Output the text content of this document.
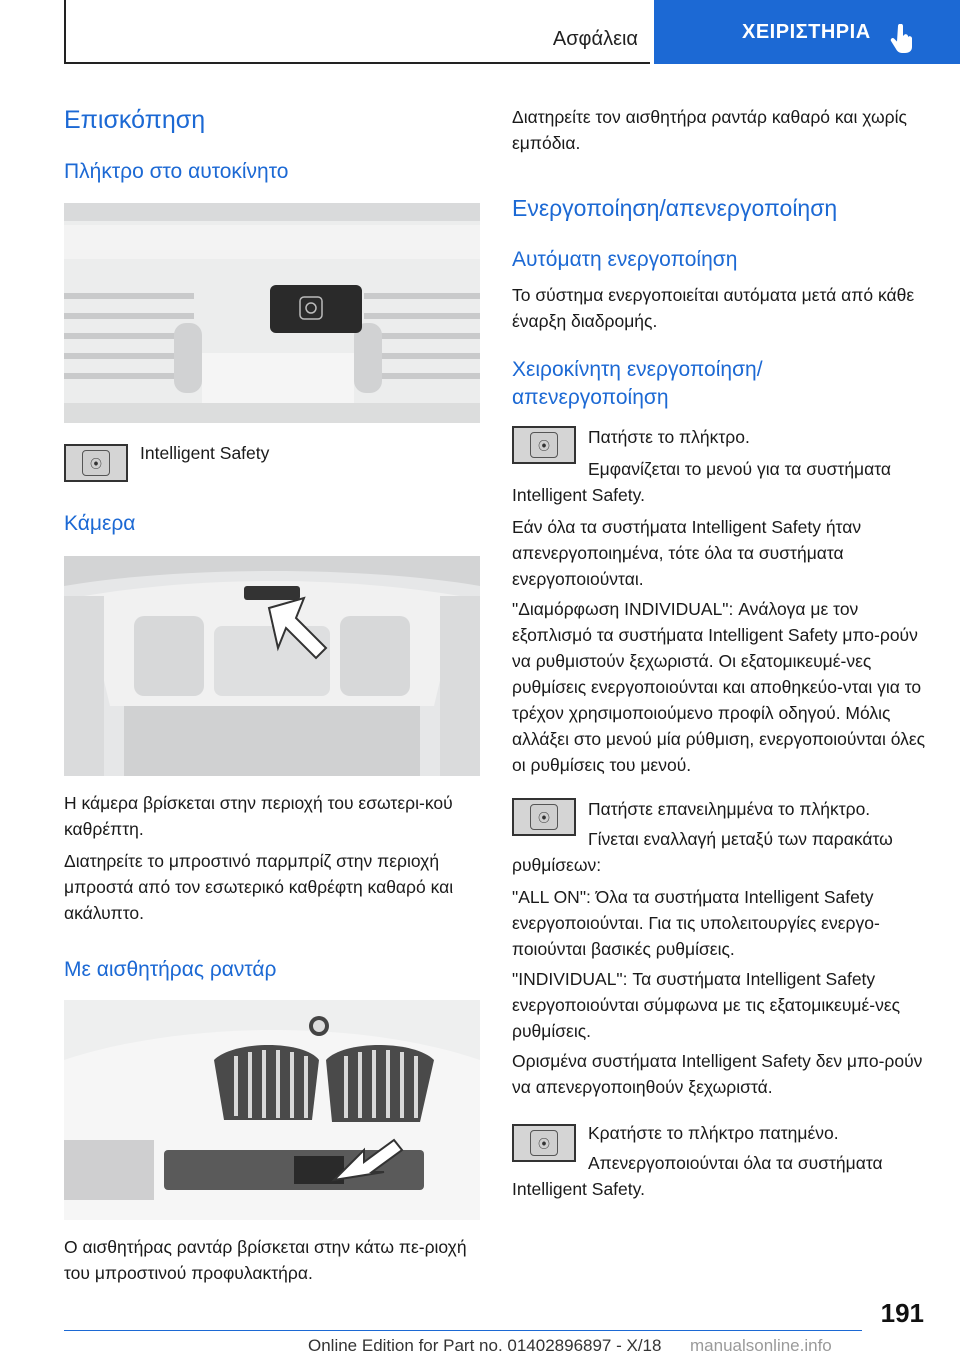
Ασφάλεια	ΧΕΙΡΙΣΤΗΡΙΑ
Επισκόπηση
Πλήκτρο στο αυτοκίνητο
⦿

Intelligent Safety

Κάμερα

Η κάμερα βρίσκεται στην περιοχή του εσωτερι-κού καθρέπτη.

Διατηρείτε το μπροστινό παρμπρίζ στην περιοχή μπροστά από τον εσωτερικό καθρέφτη καθαρό και ακάλυπτο.

Με αισθητήρας ραντάρ

Ο αισθητήρας ραντάρ βρίσκεται στην κάτω πε-ριοχή του μπροστινού προφυλακτήρα.

Διατηρείτε τον αισθητήρα ραντάρ καθαρό και χωρίς εμπόδια.

Ενεργοποίηση/απενεργοποίηση
Αυτόματη ενεργοποίηση

Το σύστημα ενεργοποιείται αυτόματα μετά από κάθε έναρξη διαδρομής.

Χειροκίνητη ενεργοποίηση/
απενεργοποίηση
⦿	Πατήστε το πλήκτρο.

Εμφανίζεται το μενού για τα συστήματα Intelligent Safety.

Εάν όλα τα συστήματα Intelligent Safety ήταν απενεργοποιημένα, τότε όλα τα συστήματα ενεργοποιούνται.

"Διαμόρφωση INDIVIDUAL": Ανάλογα με τον εξοπλισμό τα συστήματα Intelligent Safety μπο-ρούν να ρυθμιστούν ξεχωριστά. Οι εξατομικευμέ-νες ρυθμίσεις ενεργοποιούνται και αποθηκεύο-νται για το τρέχον χρησιμοποιούμενο προφίλ οδηγού. Μόλις αλλάξει στο μενού μία ρύθμιση, ενεργοποιούνται όλες οι ρυθμίσεις του μενού.

⦿	Πατήστε επανειλημμένα το πλήκτρο.

Γίνεται εναλλαγή μεταξύ των παρακάτω ρυθμίσεων:

"ALL ON": Όλα τα συστήματα Intelligent Safety ενεργοποιούνται. Για τις υπολειτουργίες ενεργο-ποιούνται βασικές ρυθμίσεις.

"INDIVIDUAL": Τα συστήματα Intelligent Safety ενεργοποιούνται σύμφωνα με τις εξατομικευμέ-νες ρυθμίσεις.

Ορισμένα συστήματα Intelligent Safety δεν μπο-ρούν να απενεργοποιηθούν ξεχωριστά.

⦿

Κρατήστε το πλήκτρο πατημένο.

Απενεργοποιούνται όλα τα συστήματα Intelligent Safety.

191
Online Edition for Part no. 01402896897 - X/18 manualsonline.info
